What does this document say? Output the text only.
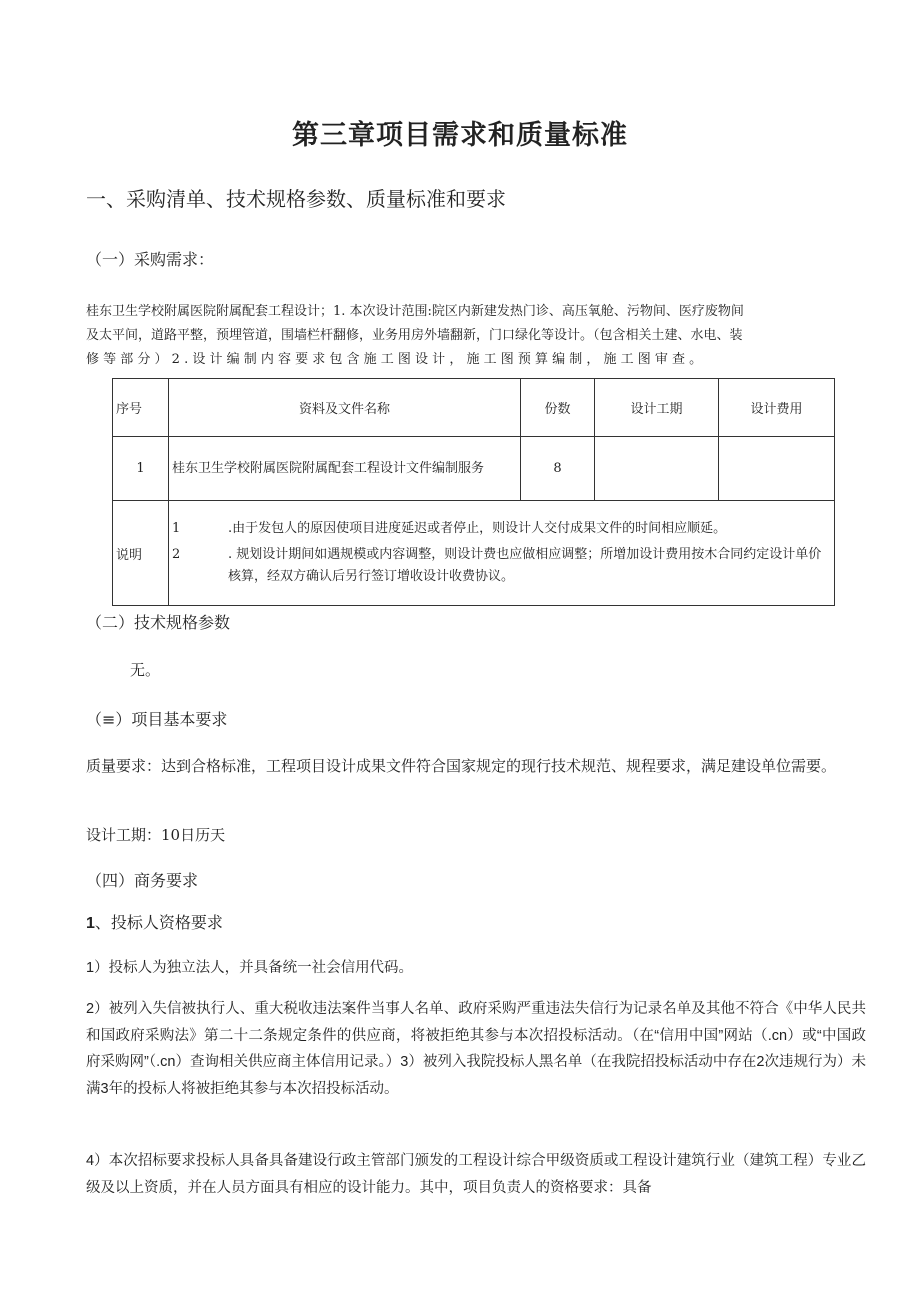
第三章项目需求和质量标准
一、采购清单、技术规格参数、质量标准和要求
（一）采购需求：
桂东卫生学校附属医院附属配套工程设计；1. 本次设计范围:院区内新建发热门诊、高压氧舱、污物间、医疗废物间
及太平间，道路平整，预埋管道，围墙栏杆翻修，业务用房外墙翻新，门口绿化等设计。（包含相关土建、水电、装
修 等 部 分 ） 2 . 设 计 编 制 内 容 要 求 包 含 施 工 图 设 计 ， 施 工 图 预 算 编 制 ， 施 工 图 审 查 。
序号	资料及文件名称	份数	设计工期	设计费用
1	桂东卫生学校附属医院附属配套工程设计文件编制服务	8		
说明	1 .由于发包人的原因使项目进度延迟或者停止，则设计人交付成果文件的时间相应顺延。
2 . 规划设计期间如遇规模或内容调整，则设计费也应做相应调整；所增加设计费用按木合同约定设计单价核算，经双方确认后另行签订增收设计收费协议。			
（二）技术规格参数
无。
（≡）项目基本要求
质量要求：达到合格标准，工程项目设计成果文件符合国家规定的现行技术规范、规程要求，满足建设单位需要。
设计工期：10日历天
（四）商务要求
1、投标人资格要求
1）投标人为独立法人，并具备统一社会信用代码。
2）被列入失信被执行人、重大税收违法案件当事人名单、政府采购严重违法失信行为记录名单及其他不符合《中华人民共和国政府采购法》第二十二条规定条件的供应商，将被拒绝其参与本次招投标活动。（在“信用中国”网站（.cn）或“中国政府采购网”（.cn）查询相关供应商主体信用记录。）3）被列入我院投标人黑名单（在我院招投标活动中存在2次违规行为）未满3年的投标人将被拒绝其参与本次招投标活动。
4）本次招标要求投标人具备具备建设行政主管部门颁发的工程设计综合甲级资质或工程设计建筑行业（建筑工程）专业乙级及以上资质，并在人员方面具有相应的设计能力。其中，项目负责人的资格要求：具备
